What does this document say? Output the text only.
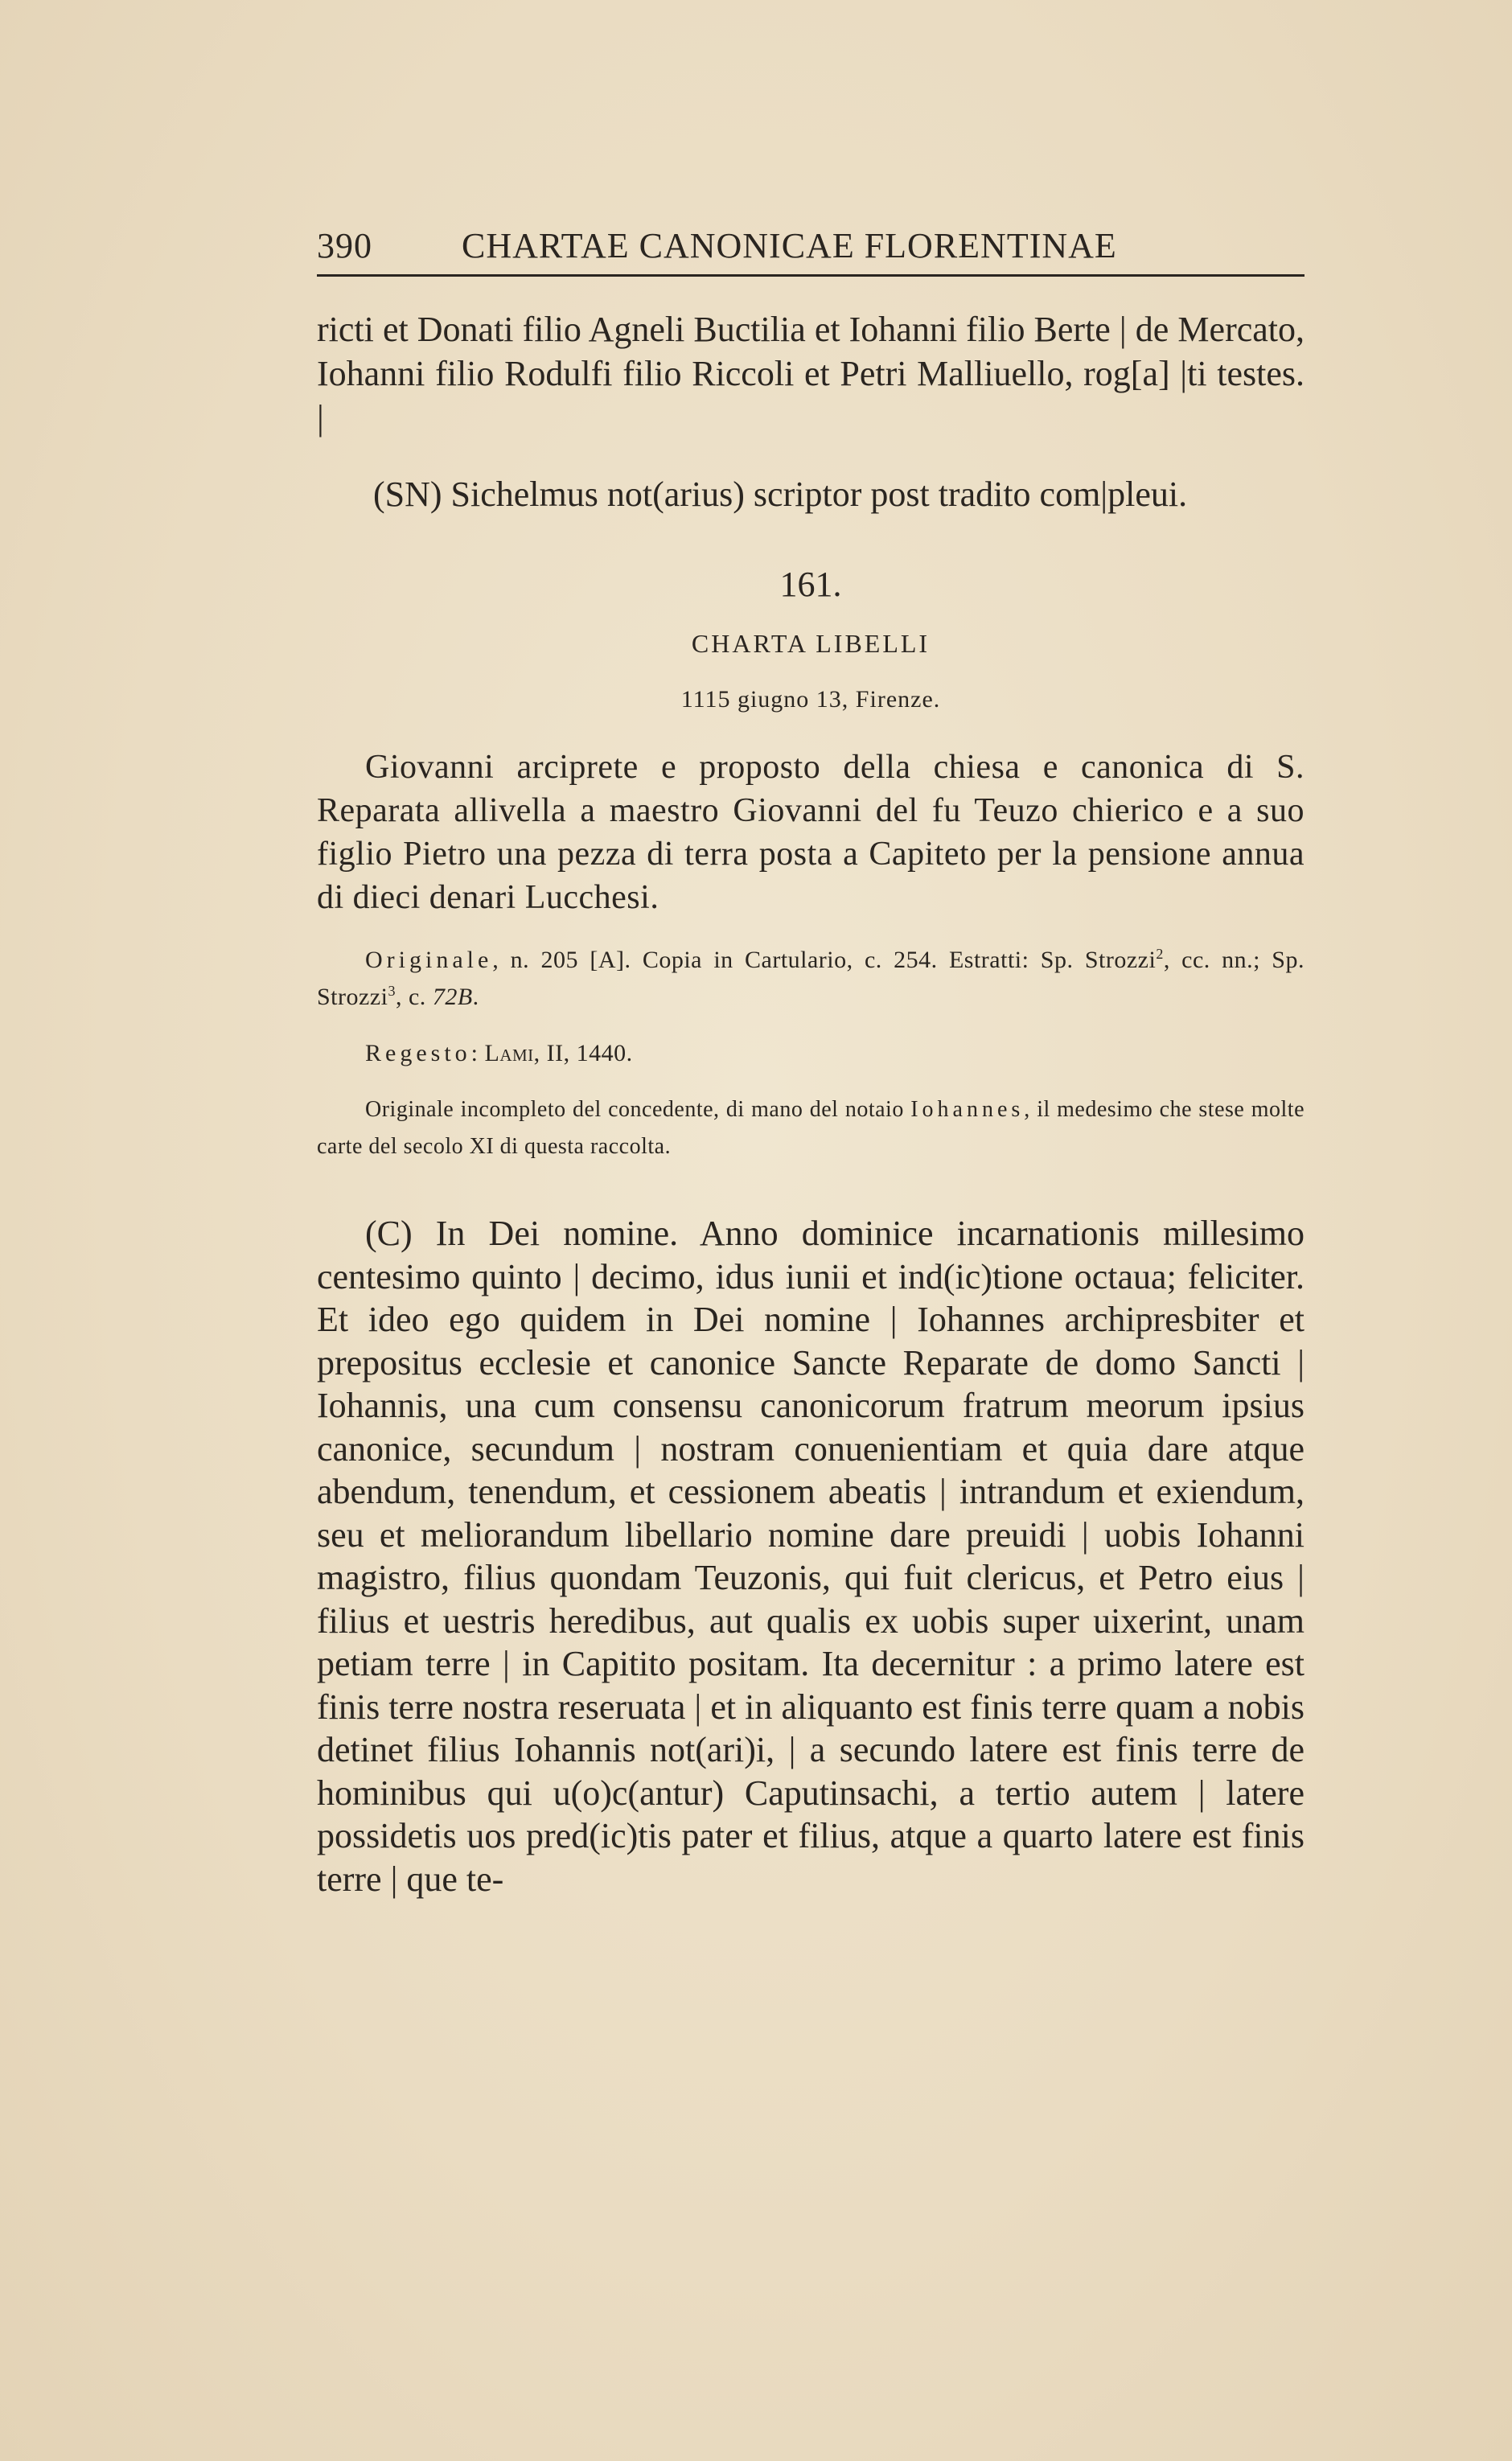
390	CHARTAE CANONICAE FLORENTINAE

ricti et Donati filio Agneli Buctilia et Iohanni filio Berte | de Mercato, Iohanni filio Rodulfi filio Riccoli et Petri Malliuello, rog[a] |ti testes. |

(SN) Sichelmus not(arius) scriptor post tradito com|pleui.

161.
CHARTA LIBELLI
1115 giugno 13, Firenze.

Giovanni arciprete e proposto della chiesa e canonica di S. Reparata allivella a maestro Giovanni del fu Teuzo chierico e a suo figlio Pietro una pezza di terra posta a Capiteto per la pensione annua di dieci denari Lucchesi.

Originale, n. 205 [A]. Copia in Cartulario, c. 254. Estratti: Sp. Strozzi$^2$, cc. nn.; Sp. Strozzi$^3$, c. 72B.

Regesto: Lami, II, 1440.

Originale incompleto del concedente, di mano del notaio Iohannes, il medesimo che stese molte carte del secolo XI di questa raccolta.

(C) In Dei nomine. Anno dominice incarnationis millesimo centesimo quinto | decimo, idus iunii et ind(ic)tione octaua; feliciter. Et ideo ego quidem in Dei nomine | Iohannes archipresbiter et prepositus ecclesie et canonice Sancte Reparate de domo Sancti | Iohannis, una cum consensu canonicorum fratrum meorum ipsius canonice, secundum | nostram conuenientiam et quia dare atque abendum, tenendum, et cessionem abeatis | intrandum et exiendum, seu et meliorandum libellario nomine dare preuidi | uobis Iohanni magistro, filius quondam Teuzonis, qui fuit clericus, et Petro eius | filius et uestris heredibus, aut qualis ex uobis super uixerint, unam petiam terre | in Capitito positam. Ita decernitur : a primo latere est finis terre nostra reseruata | et in aliquanto est finis terre quam a nobis detinet filius Iohannis not(ari)i, | a secundo latere est finis terre de hominibus qui u(o)c(antur) Caputinsachi, a tertio autem | latere possidetis uos pred(ic)tis pater et filius, atque a quarto latere est finis terre | que te-
